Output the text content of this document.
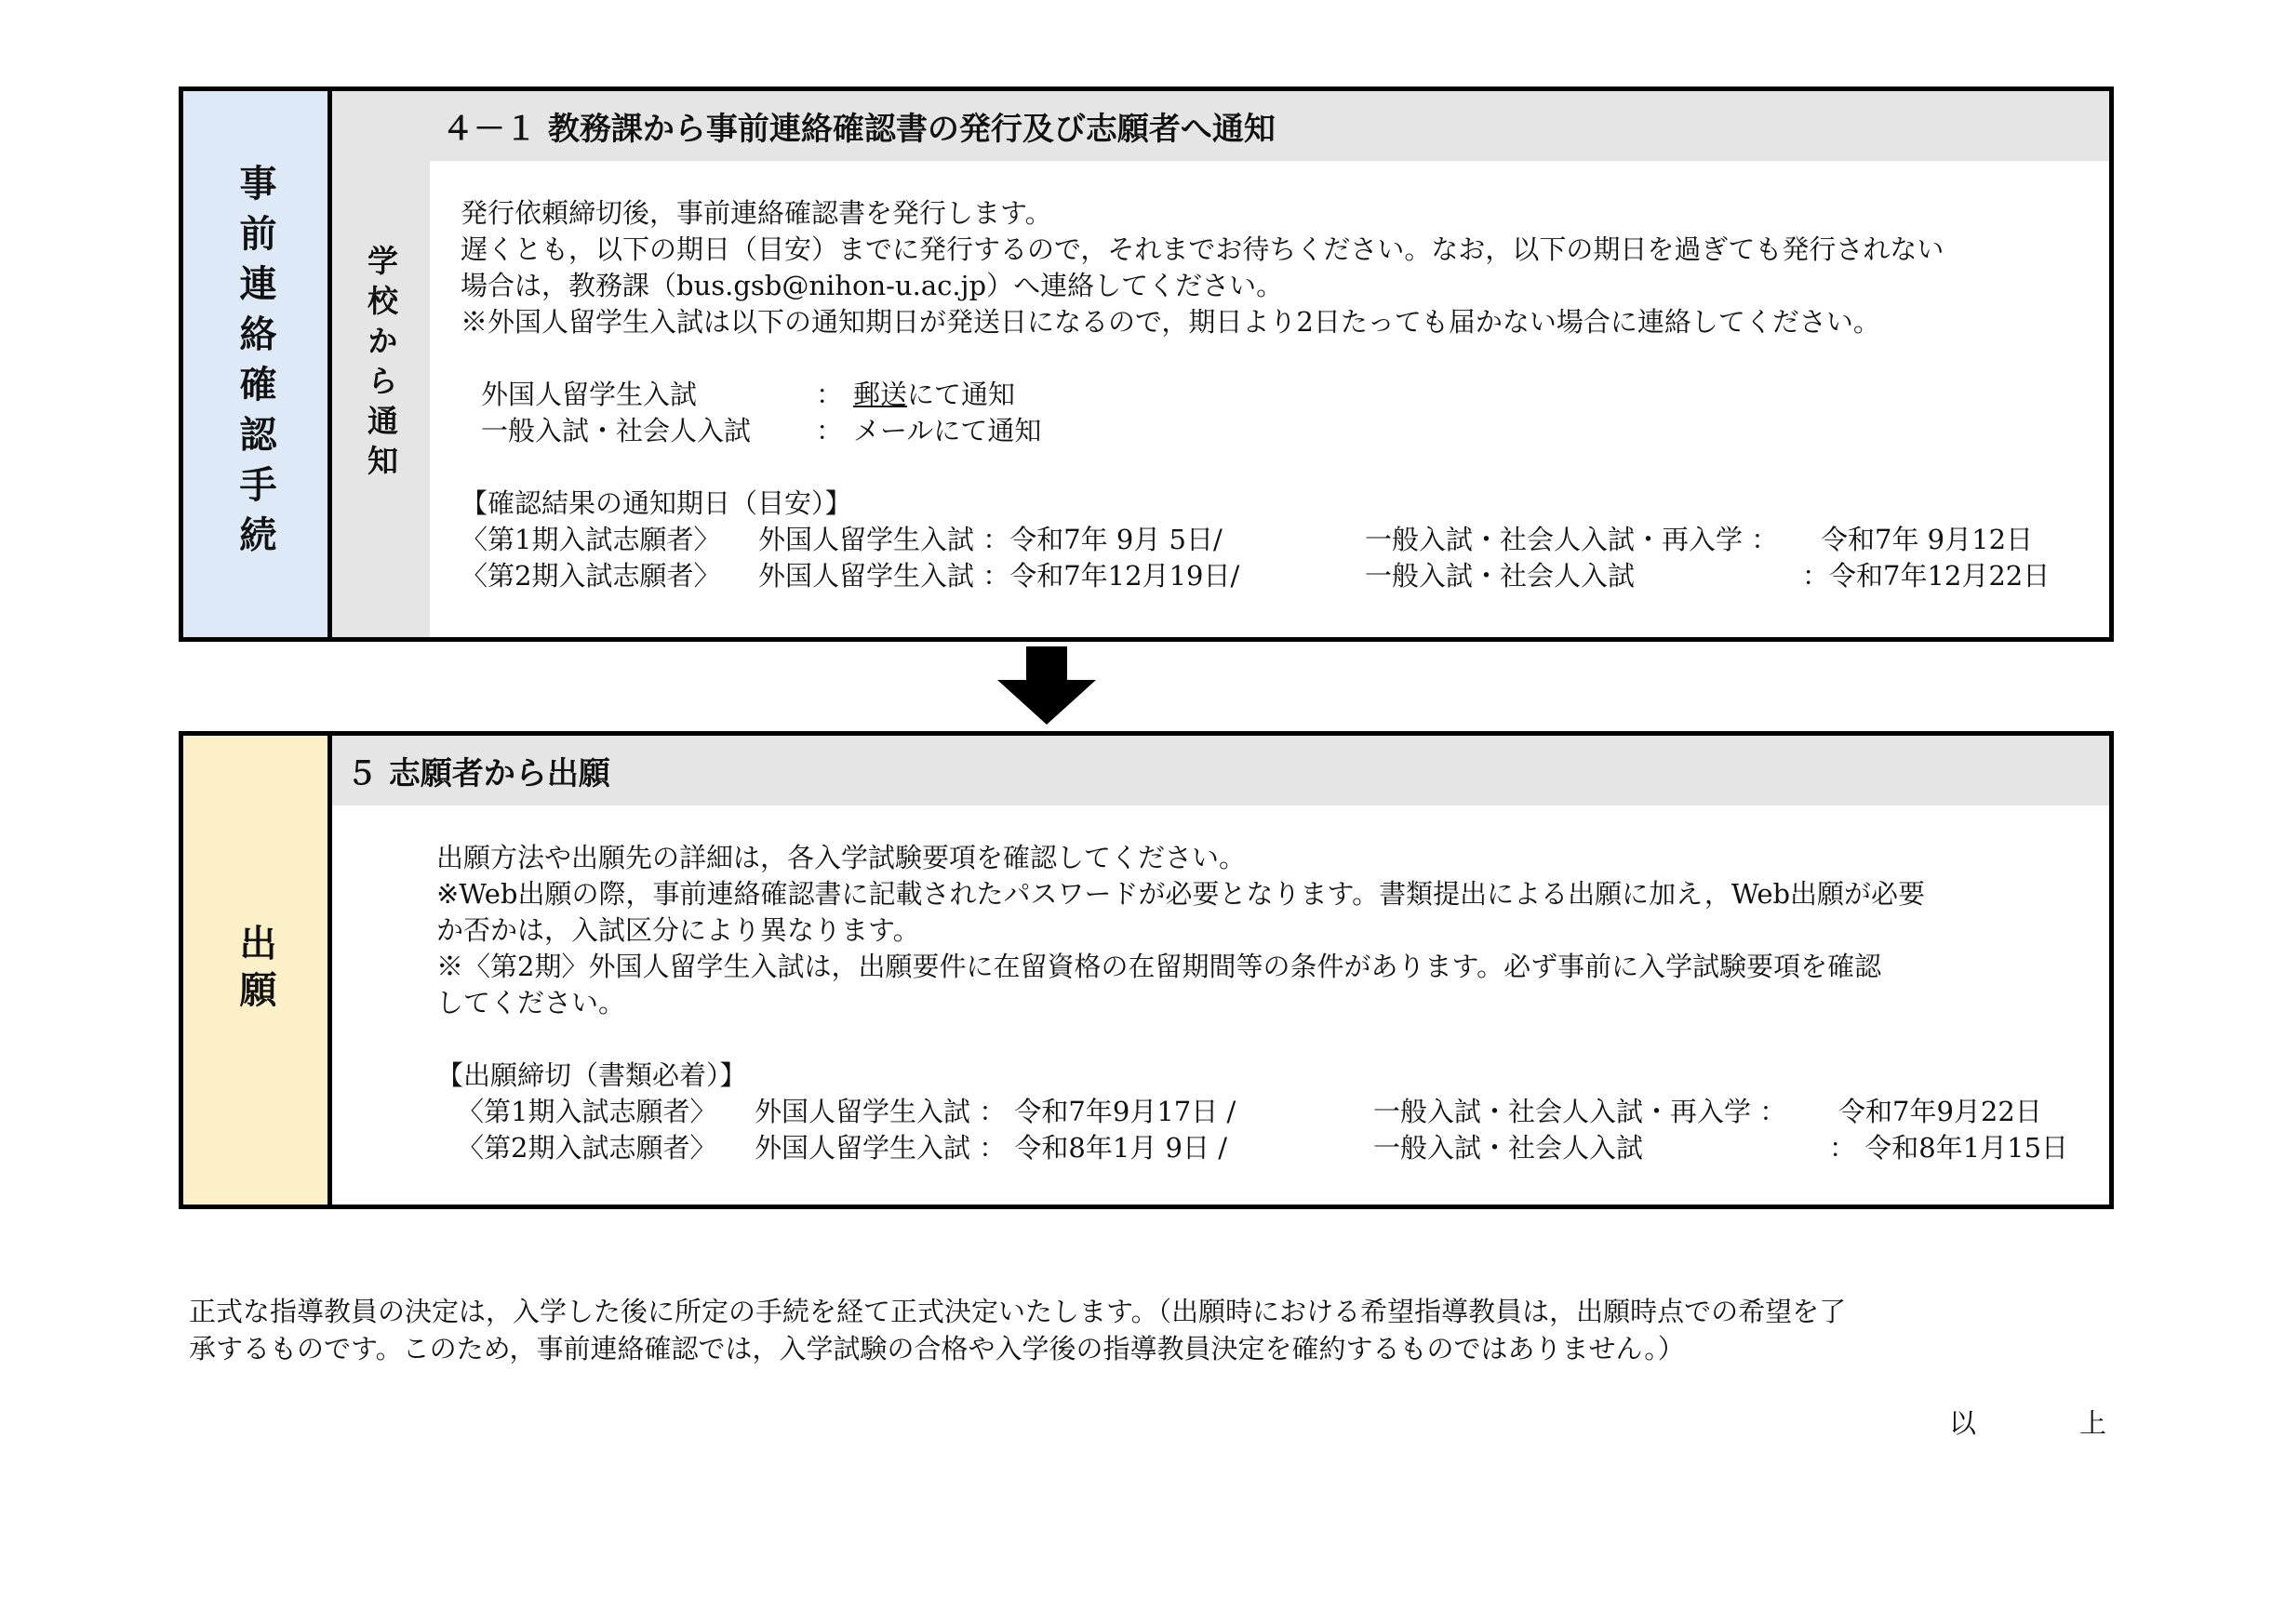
事前連絡確認手続	学校から通知
４－１ 教務課から事前連絡確認書の発行及び志願者へ通知
発行依頼締切後，事前連絡確認書を発行します。
遅くとも，以下の期日（目安）までに発行するので，それまでお待ちください。なお，以下の期日を過ぎても発行されない
場合は，教務課（bus.gsb@nihon-u.ac.jp）へ連絡してください。
※外国人留学生入試は以下の通知期日が発送日になるので，期日より2日たっても届かない場合に連絡してください。
外国人留学生入試	： 郵送 にて通知
一般入試・社会人入試	： メールにて通知
【確認結果の通知期日（目安）】
〈第1期入試志願者〉	外国人留学生入試 ：令和7年 9月 5日/	一般入試・社会人入試・再入学 ：	令和7年 9月12日
〈第2期入試志願者〉	外国人留学生入試 ：令和7年12月19日/	一般入試・社会人入試	：令和7年12月22日
出願
５ 志願者から出願
出願方法や出願先の詳細は，各入学試験要項を確認してください。
※Web出願の際，事前連絡確認書に記載されたパスワードが必要となります。書類提出による出願に加え，Web出願が必要
か否かは，入試区分により異なります。
※〈第2期〉外国人留学生入試は，出願要件に在留資格の在留期間等の条件があります。必ず事前に入学試験要項を確認
してください。
【出願締切（書類必着）】
〈第1期入試志願者〉	外国人留学生入試 ： 令和7年9月17日 /	一般入試・社会人入試・再入学 ：	令和7年9月22日
〈第2期入試志願者〉	外国人留学生入試 ： 令和8年1月 9日 /	一般入試・社会人入試	： 令和8年1月15日
正式な指導教員の決定は，入学した後に所定の手続を経て正式決定いたします。（出願時における希望指導教員は，出願時点での希望を了
承するものです。このため，事前連絡確認では，入学試験の合格や入学後の指導教員決定を確約するものではありません。）
以	上
